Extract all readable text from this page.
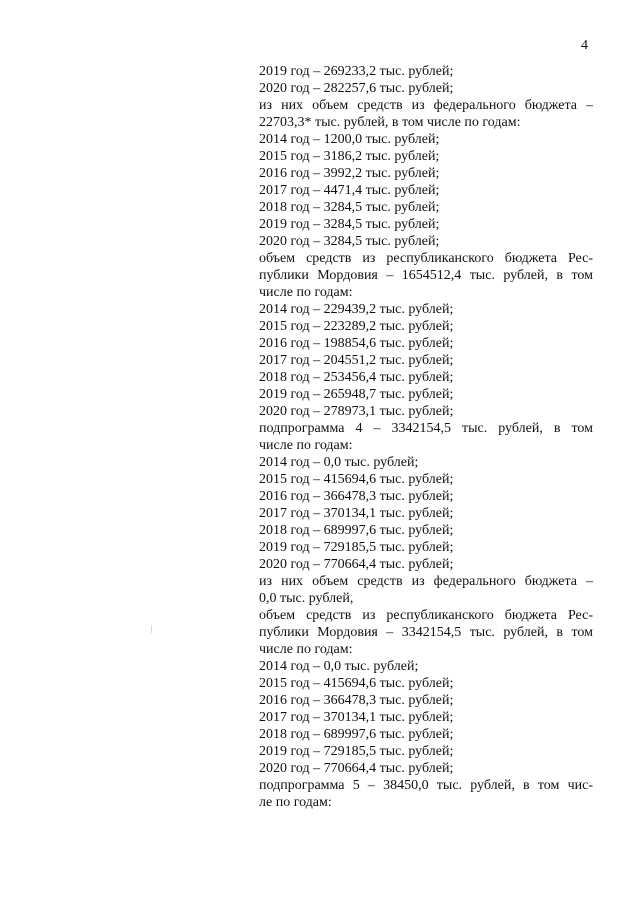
4

2019 год – 269233,2 тыс. рублей;

2020 год – 282257,6 тыс. рублей;

из них объем средств из федерального бюджета –

22703,3* тыс. рублей, в том числе по годам:

2014 год – 1200,0 тыс. рублей;

2015 год – 3186,2 тыс. рублей;

2016 год – 3992,2 тыс. рублей;

2017 год – 4471,4 тыс. рублей;

2018 год – 3284,5 тыс. рублей;

2019 год – 3284,5 тыс. рублей;

2020 год – 3284,5 тыс. рублей;

объем средств из республиканского бюджета Рес-

публики Мордовия – 1654512,4 тыс. рублей, в том

числе по годам:

2014 год – 229439,2 тыс. рублей;

2015 год – 223289,2 тыс. рублей;

2016 год – 198854,6 тыс. рублей;

2017 год – 204551,2 тыс. рублей;

2018 год – 253456,4 тыс. рублей;

2019 год – 265948,7 тыс. рублей;

2020 год – 278973,1 тыс. рублей;

подпрограмма 4 – 3342154,5 тыс. рублей, в том

числе по годам:

2014 год – 0,0 тыс. рублей;

2015 год – 415694,6 тыс. рублей;

2016 год – 366478,3 тыс. рублей;

2017 год – 370134,1 тыс. рублей;

2018 год – 689997,6 тыс. рублей;

2019 год – 729185,5 тыс. рублей;

2020 год – 770664,4 тыс. рублей;

из них объем средств из федерального бюджета –

0,0 тыс. рублей,

объем средств из республиканского бюджета Рес-

публики Мордовия – 3342154,5 тыс. рублей, в том

числе по годам:

2014 год – 0,0 тыс. рублей;

2015 год – 415694,6 тыс. рублей;

2016 год – 366478,3 тыс. рублей;

2017 год – 370134,1 тыс. рублей;

2018 год – 689997,6 тыс. рублей;

2019 год – 729185,5 тыс. рублей;

2020 год – 770664,4 тыс. рублей;

подпрограмма 5 – 38450,0 тыс. рублей, в том чис-

ле по годам:
